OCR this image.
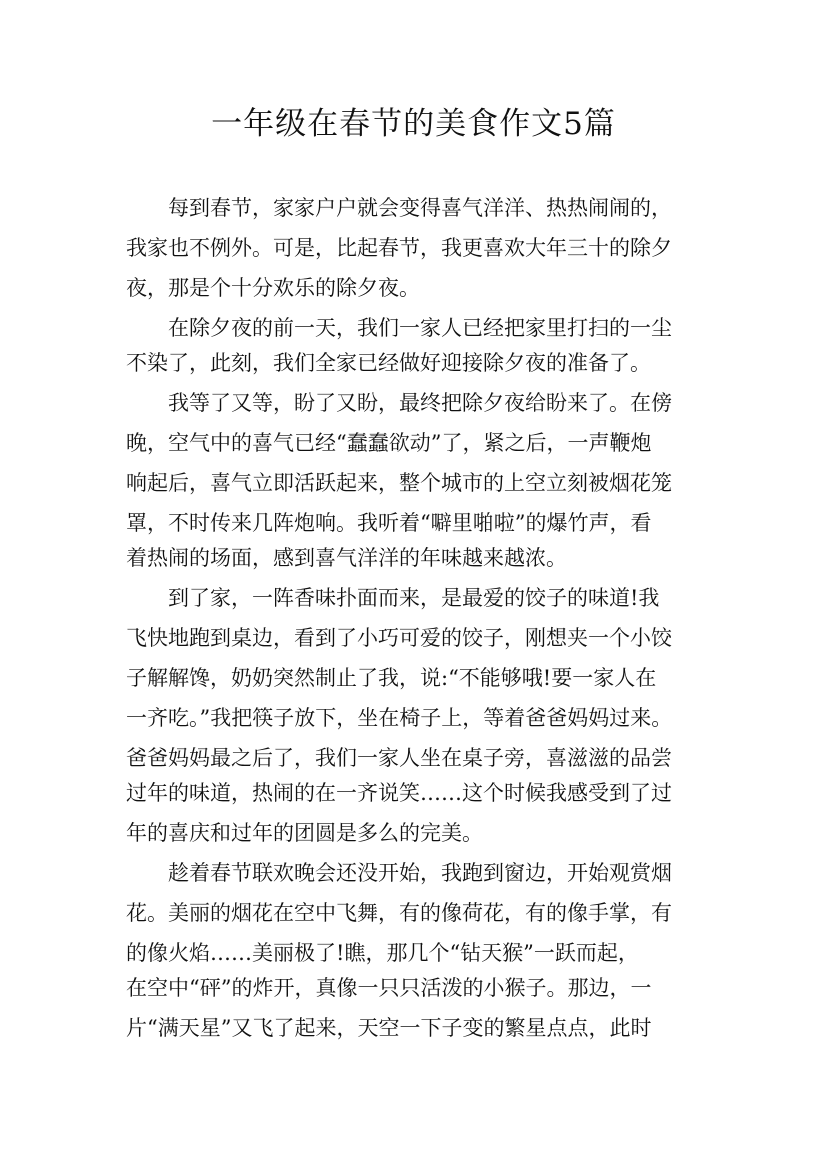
一年级在春节的美食作文5篇
　　每到春节，家家户户就会变得喜气洋洋、热热闹闹的，
我家也不例外。可是，比起春节，我更喜欢大年三十的除夕
夜，那是个十分欢乐的除夕夜。
　　在除夕夜的前一天，我们一家人已经把家里打扫的一尘
不染了，此刻，我们全家已经做好迎接除夕夜的准备了。
　　我等了又等，盼了又盼，最终把除夕夜给盼来了。在傍
晚，空气中的喜气已经“蠢蠢欲动”了，紧之后，一声鞭炮
响起后，喜气立即活跃起来，整个城市的上空立刻被烟花笼
罩，不时传来几阵炮响。我听着“噼里啪啦”的爆竹声，看
着热闹的场面，感到喜气洋洋的年味越来越浓。
　　到了家，一阵香味扑面而来，是最爱的饺子的味道!我
飞快地跑到桌边，看到了小巧可爱的饺子，刚想夹一个小饺
子解解馋，奶奶突然制止了我，说:“不能够哦!要一家人在
一齐吃。”我把筷子放下，坐在椅子上，等着爸爸妈妈过来。
爸爸妈妈最之后了，我们一家人坐在桌子旁，喜滋滋的品尝
过年的味道，热闹的在一齐说笑……这个时候我感受到了过
年的喜庆和过年的团圆是多么的完美。
　　趁着春节联欢晚会还没开始，我跑到窗边，开始观赏烟
花。美丽的烟花在空中飞舞，有的像荷花，有的像手掌，有
的像火焰……美丽极了!瞧，那几个“钻天猴”一跃而起，
在空中“砰”的炸开，真像一只只活泼的小猴子。那边，一
片“满天星”又飞了起来，天空一下子变的繁星点点，此时
